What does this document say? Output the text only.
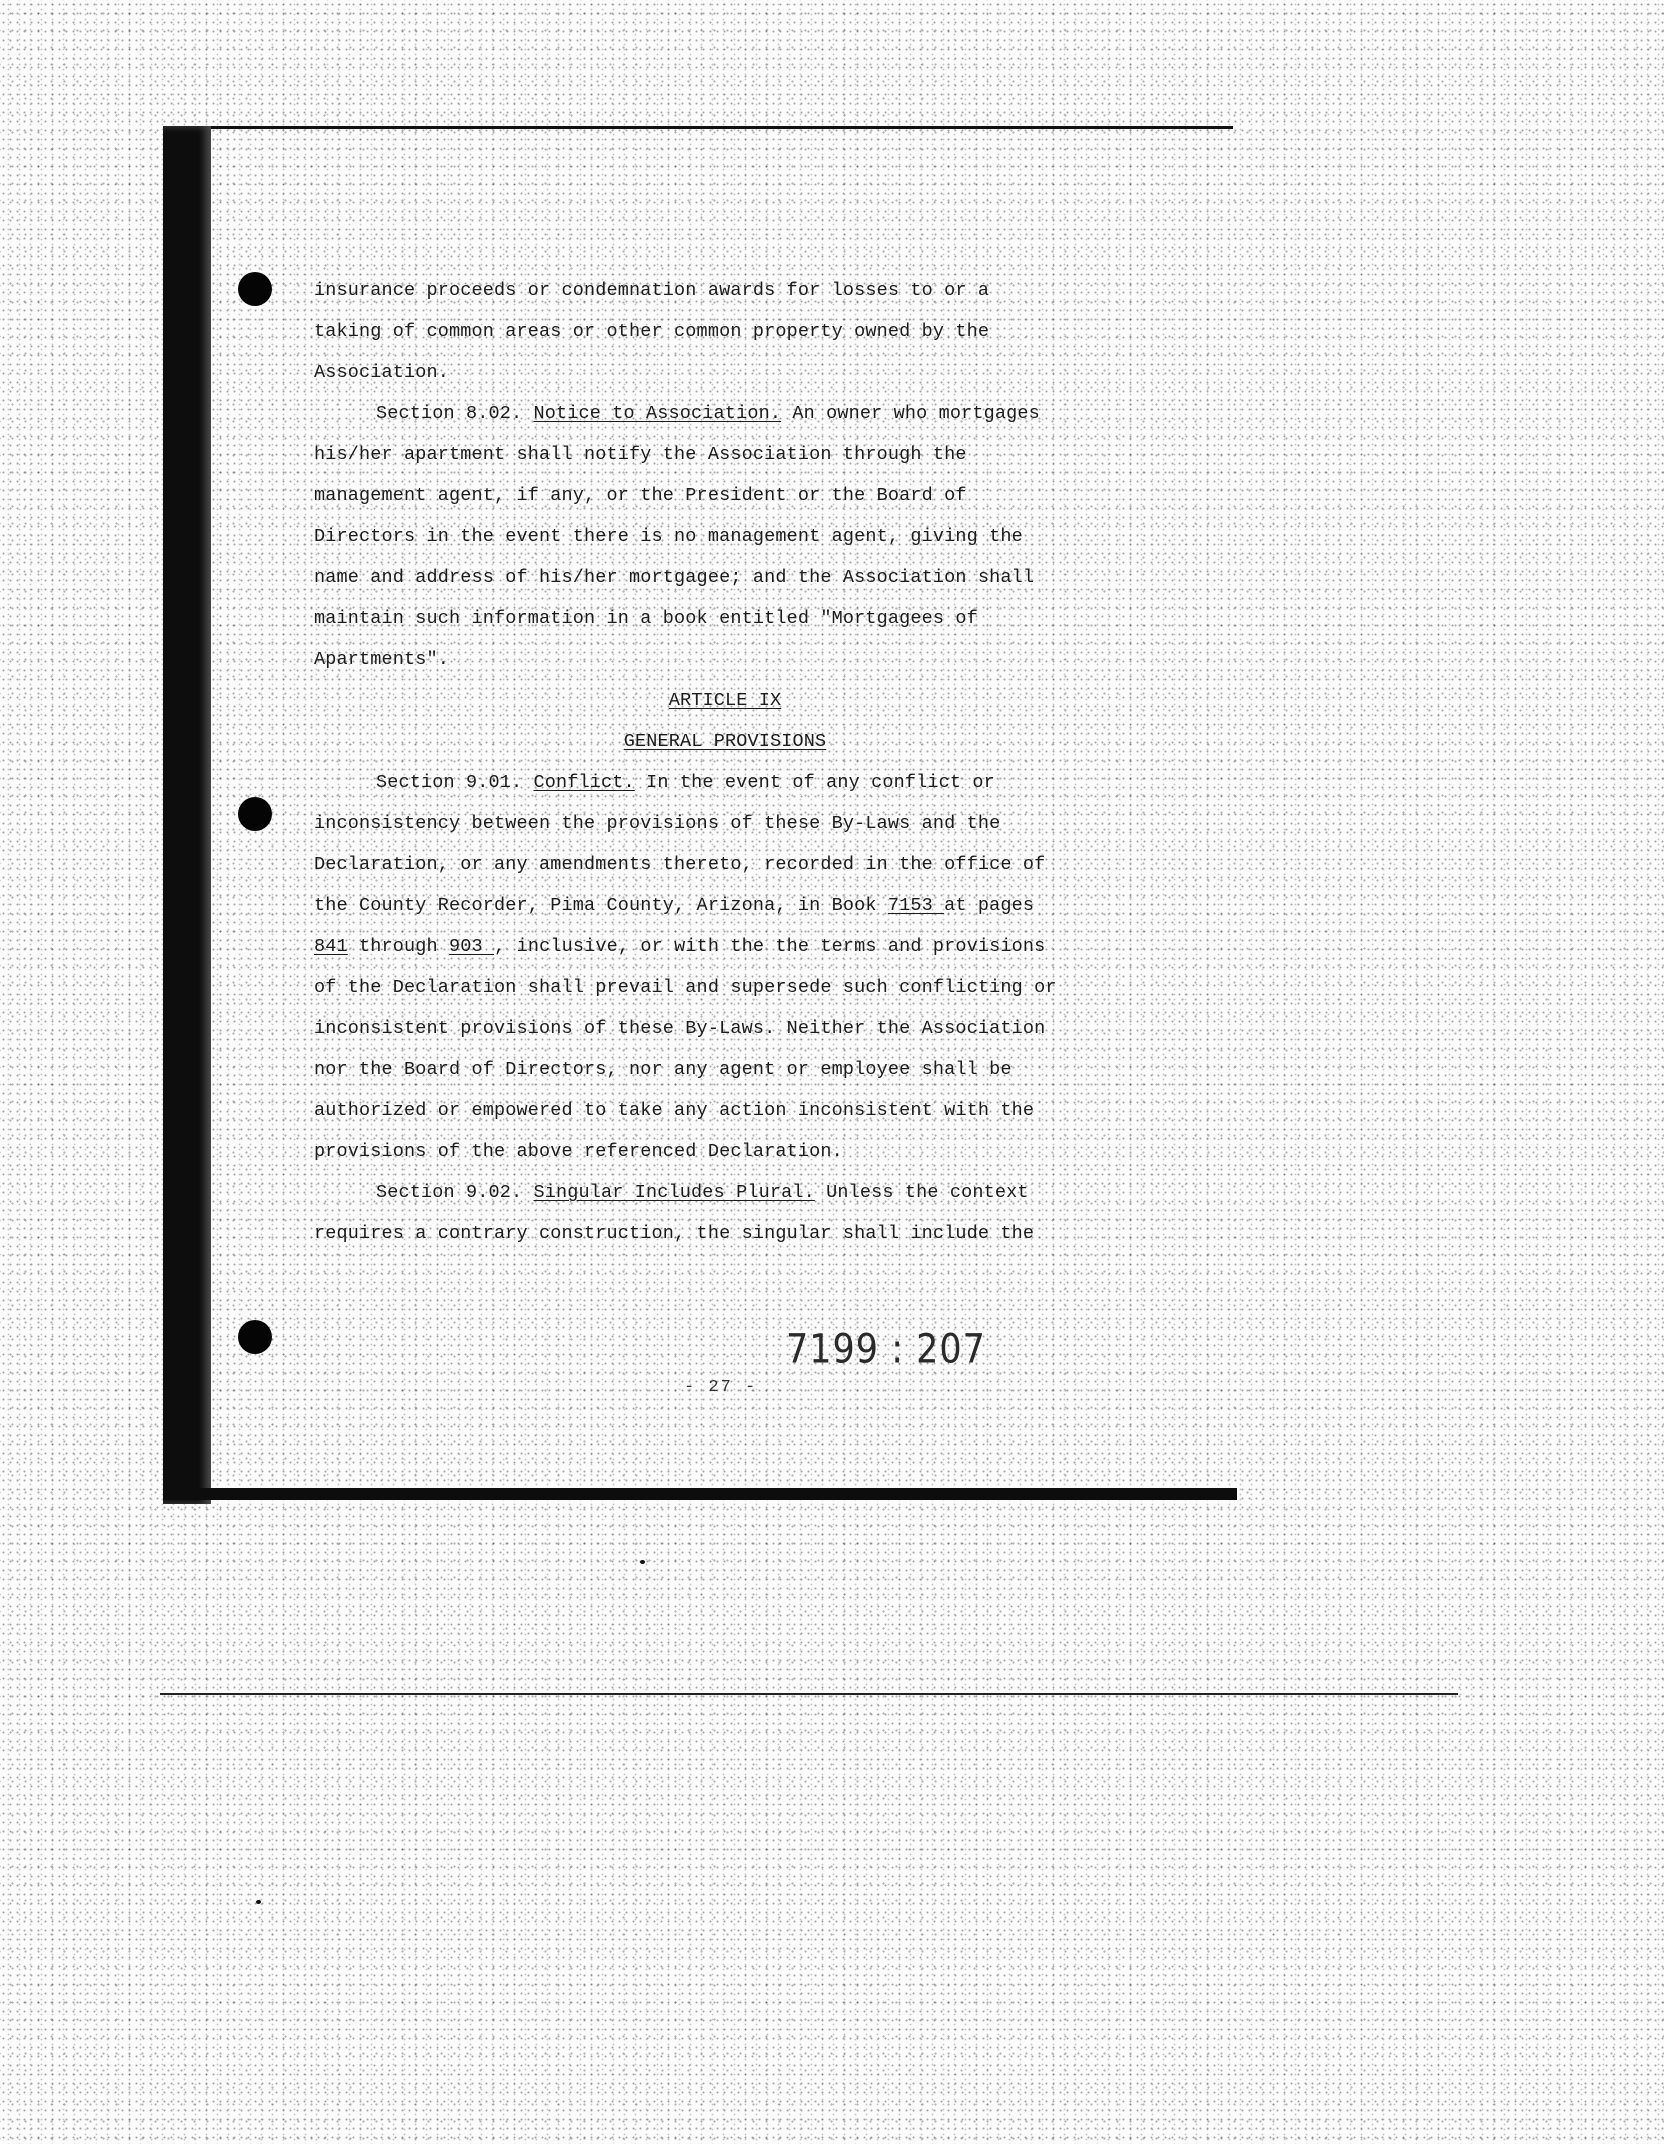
insurance proceeds or condemnation awards for losses to or a
taking of common areas or other common property owned by the
Association.
Section 8.02. Notice to Association. An owner who mortgages
his/her apartment shall notify the Association through the
management agent, if any, or the President or the Board of
Directors in the event there is no management agent, giving the
name and address of his/her mortgagee; and the Association shall
maintain such information in a book entitled "Mortgagees of
Apartments".
ARTICLE IX
GENERAL PROVISIONS
Section 9.01. Conflict. In the event of any conflict or
inconsistency between the provisions of these By-Laws and the
Declaration, or any amendments thereto, recorded in the office of
the County Recorder, Pima County, Arizona, in Book 7153 at pages
841 through 903 , inclusive, or with the the terms and provisions
of the Declaration shall prevail and supersede such conflicting or
inconsistent provisions of these By-Laws. Neither the Association
nor the Board of Directors, nor any agent or employee shall be
authorized or empowered to take any action inconsistent with the
provisions of the above referenced Declaration.
Section 9.02. Singular Includes Plural. Unless the context
requires a contrary construction, the singular shall include the
7199 : 207
- 27 -
